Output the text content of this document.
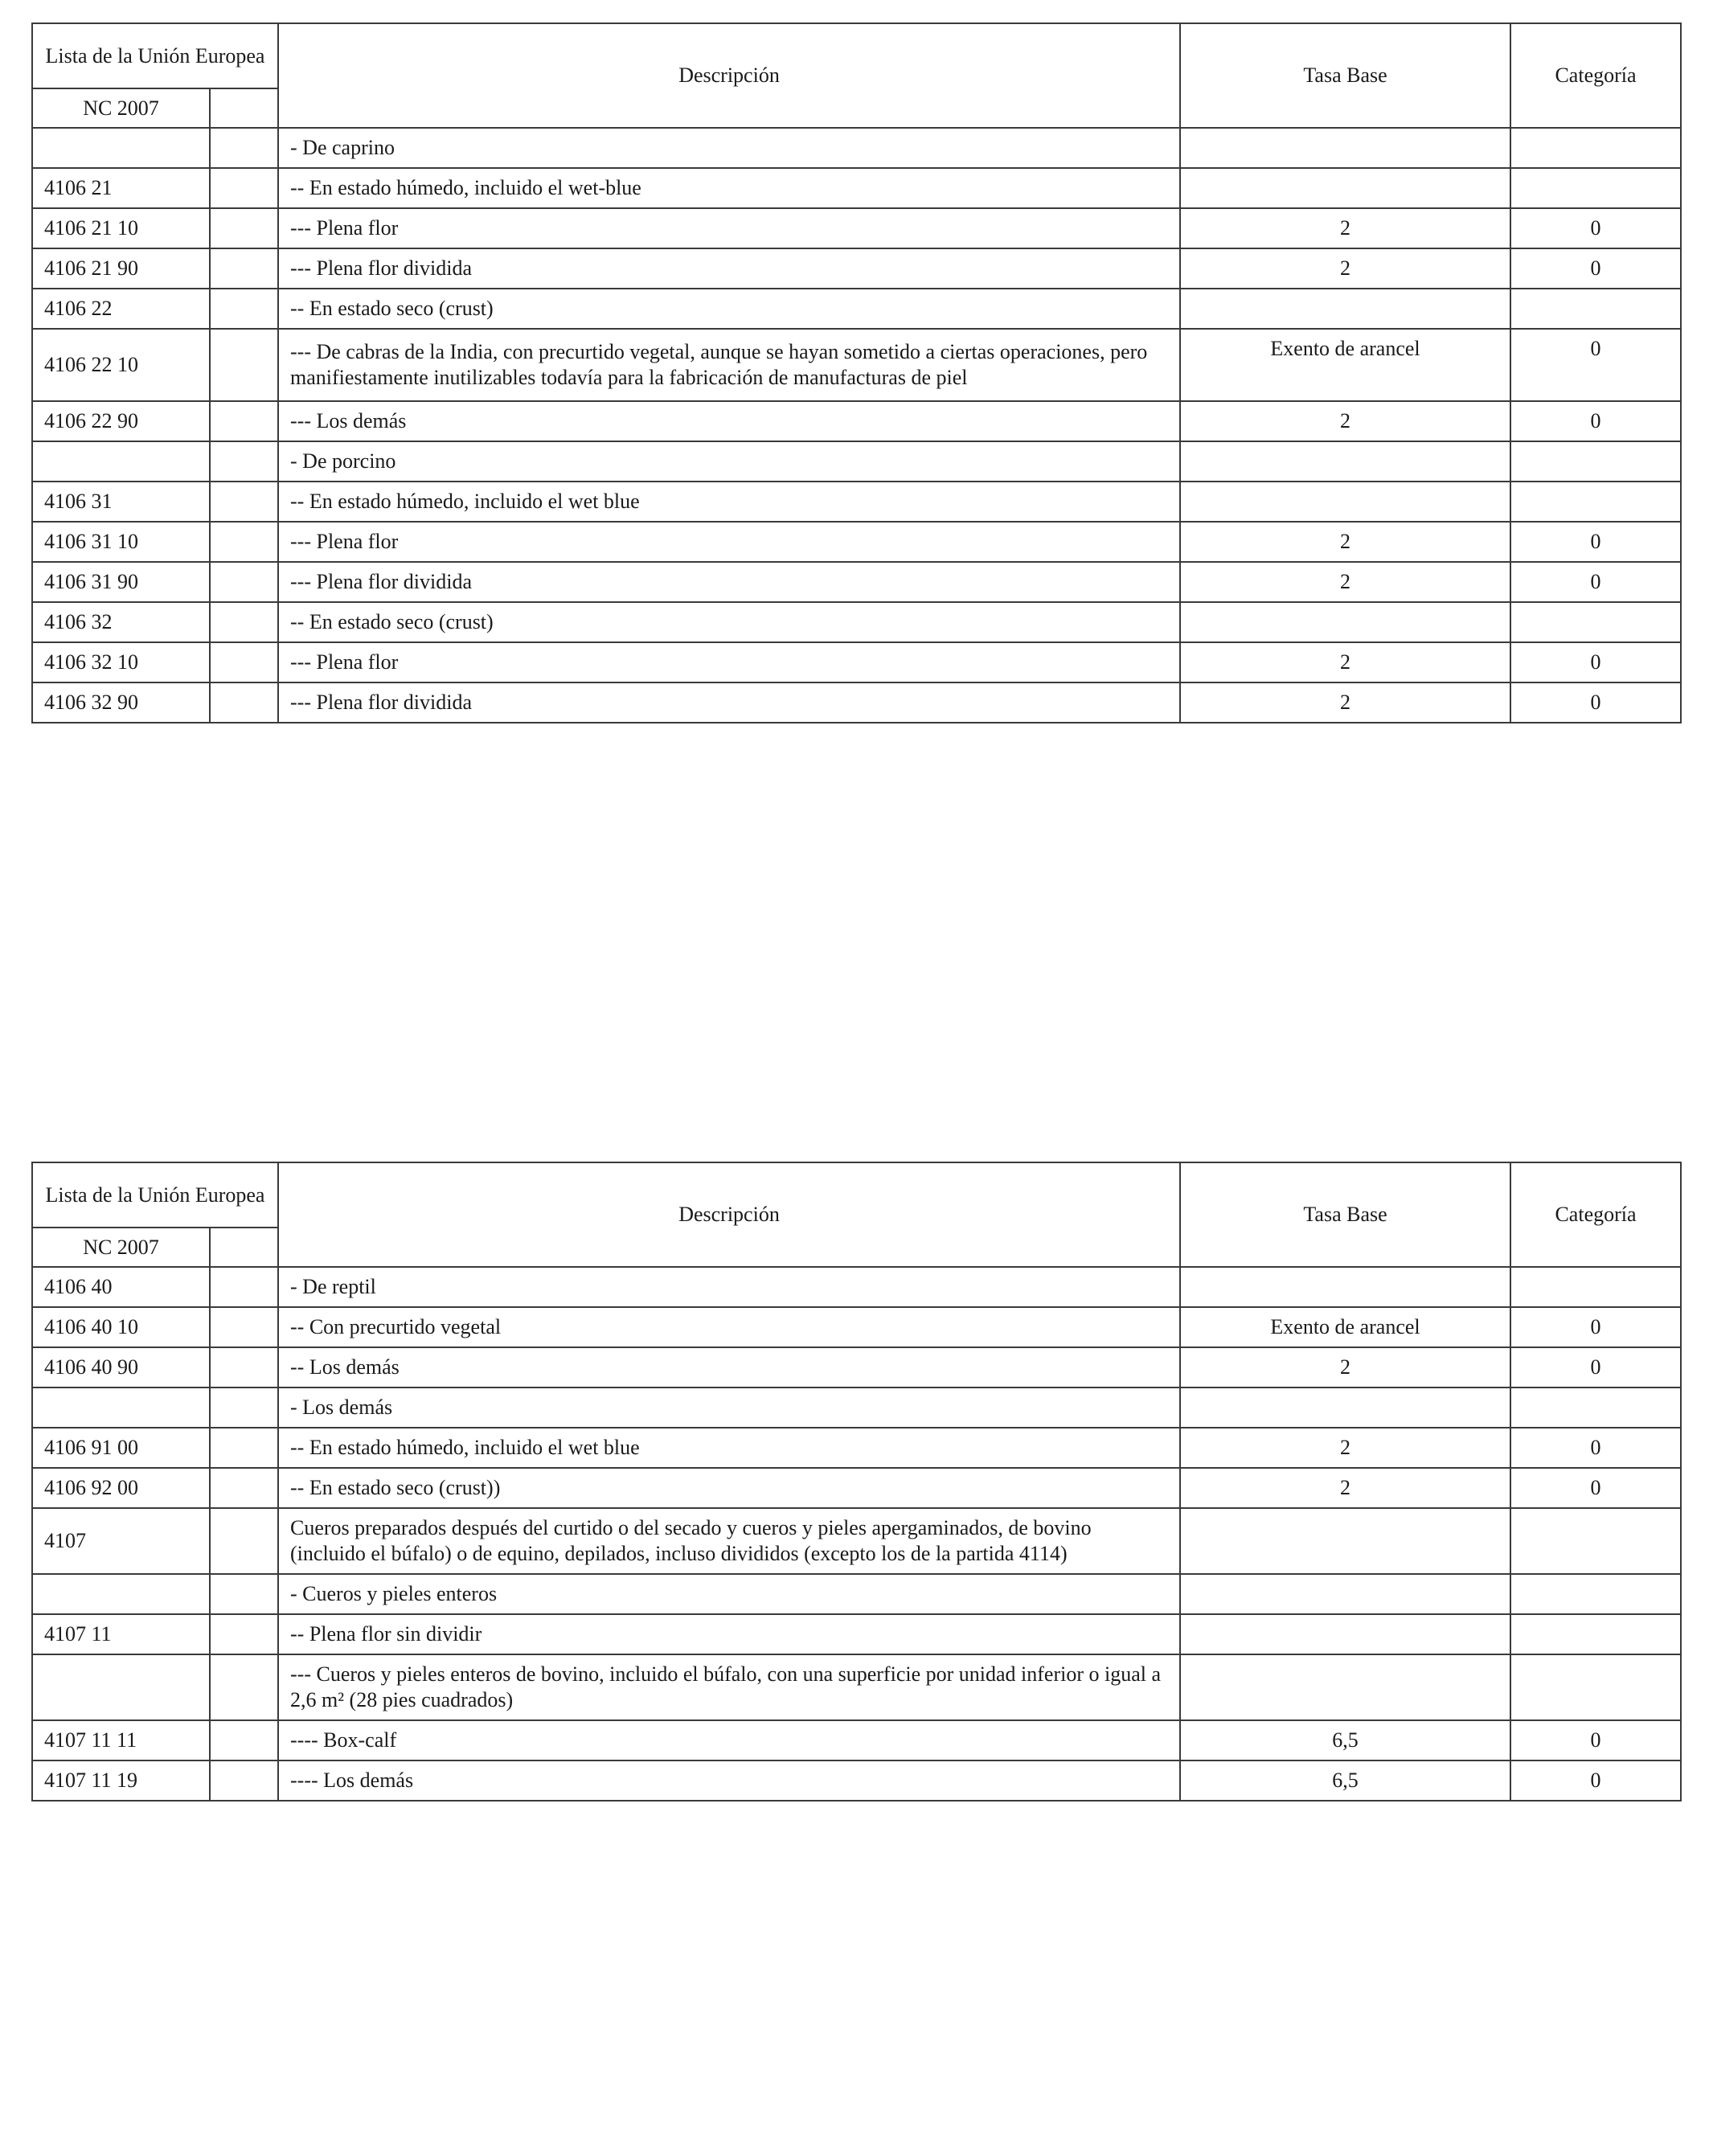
Lista de la Unión Europea		Descripción	Tasa Base	Categoría
NC 2007				
		- De caprino		
4106 21		-- En estado húmedo, incluido el wet-blue		
4106 21 10		--- Plena flor	2	0
4106 21 90		--- Plena flor dividida	2	0
4106 22		-- En estado seco (crust)		
4106 22 10		--- De cabras de la India, con precurtido vegetal, aunque se hayan sometido a ciertas operaciones, pero manifiestamente inutilizables todavía para la fabricación de manufacturas de piel	Exento de arancel	0
4106 22 90		--- Los demás	2	0
		- De porcino		
4106 31		-- En estado húmedo, incluido el wet blue		
4106 31 10		--- Plena flor	2	0
4106 31 90		--- Plena flor dividida	2	0
4106 32		-- En estado seco (crust)		
4106 32 10		--- Plena flor	2	0
4106 32 90		--- Plena flor dividida	2	0
Lista de la Unión Europea		Descripción	Tasa Base	Categoría
NC 2007				
4106 40		- De reptil		
4106 40 10		-- Con precurtido vegetal	Exento de arancel	0
4106 40 90		-- Los demás	2	0
		- Los demás		
4106 91 00		-- En estado húmedo, incluido el wet blue	2	0
4106 92 00		-- En estado seco (crust))	2	0
4107		Cueros preparados después del curtido o del secado y cueros y pieles apergaminados, de bovino (incluido el búfalo) o de equino, depilados, incluso divididos (excepto los de la partida 4114)		
		- Cueros y pieles enteros		
4107 11		-- Plena flor sin dividir		
		--- Cueros y pieles enteros de bovino, incluido el búfalo, con una superficie por unidad inferior o igual a 2,6 m² (28 pies cuadrados)		
4107 11 11		---- Box-calf	6,5	0
4107 11 19		---- Los demás	6,5	0
